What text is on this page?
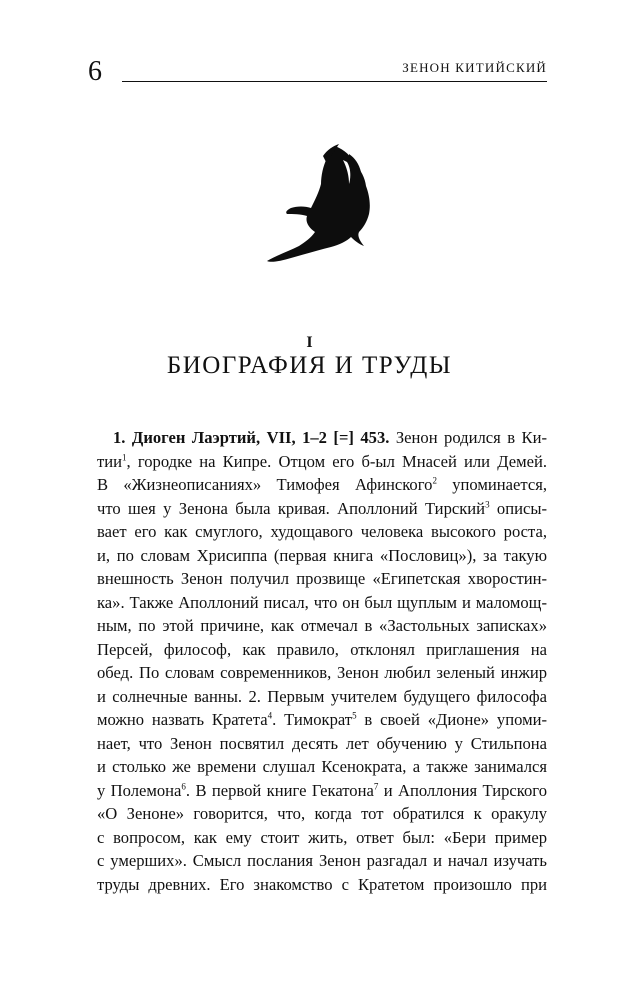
6	ЗЕНОН КИТИЙСКИЙ
I
БИОГРАФИЯ И ТРУДЫ
1. Диоген Лаэртий, VII, 1–2 [=] 453. Зенон родился в Ки-
тии$^1$, городке на Кипре. Отцом его б-ыл Мнасей или Демей.
В «Жизнеописаниях» Тимофея Афинского$^2$ упоминается,
что шея у Зенона была кривая. Аполлоний Тирский$^3$ описы-
вает его как смуглого, худощавого человека высокого роста,
и, по словам Хрисиппа (первая книга «Пословиц»), за такую
внешность Зенон получил прозвище «Египетская хворостин-
ка». Также Аполлоний писал, что он был щуплым и маломощ-
ным, по этой причине, как отмечал в «Застольных записках»
Персей, философ, как правило, отклонял приглашения на
обед. По словам современников, Зенон любил зеленый инжир
и солнечные ванны. 2. Первым учителем будущего философа
можно назвать Кратета$^4$. Тимократ$^5$ в своей «Дионе» упоми-
нает, что Зенон посвятил десять лет обучению у Стильпона
и столько же времени слушал Ксенократа, а также занимался
у Полемона$^6$. В первой книге Гекатона$^7$ и Аполлония Тирского
«О Зеноне» говорится, что, когда тот обратился к оракулу
с вопросом, как ему стоит жить, ответ был: «Бери пример
с умерших». Смысл послания Зенон разгадал и начал изучать
труды древних. Его знакомство с Кратетом произошло при
